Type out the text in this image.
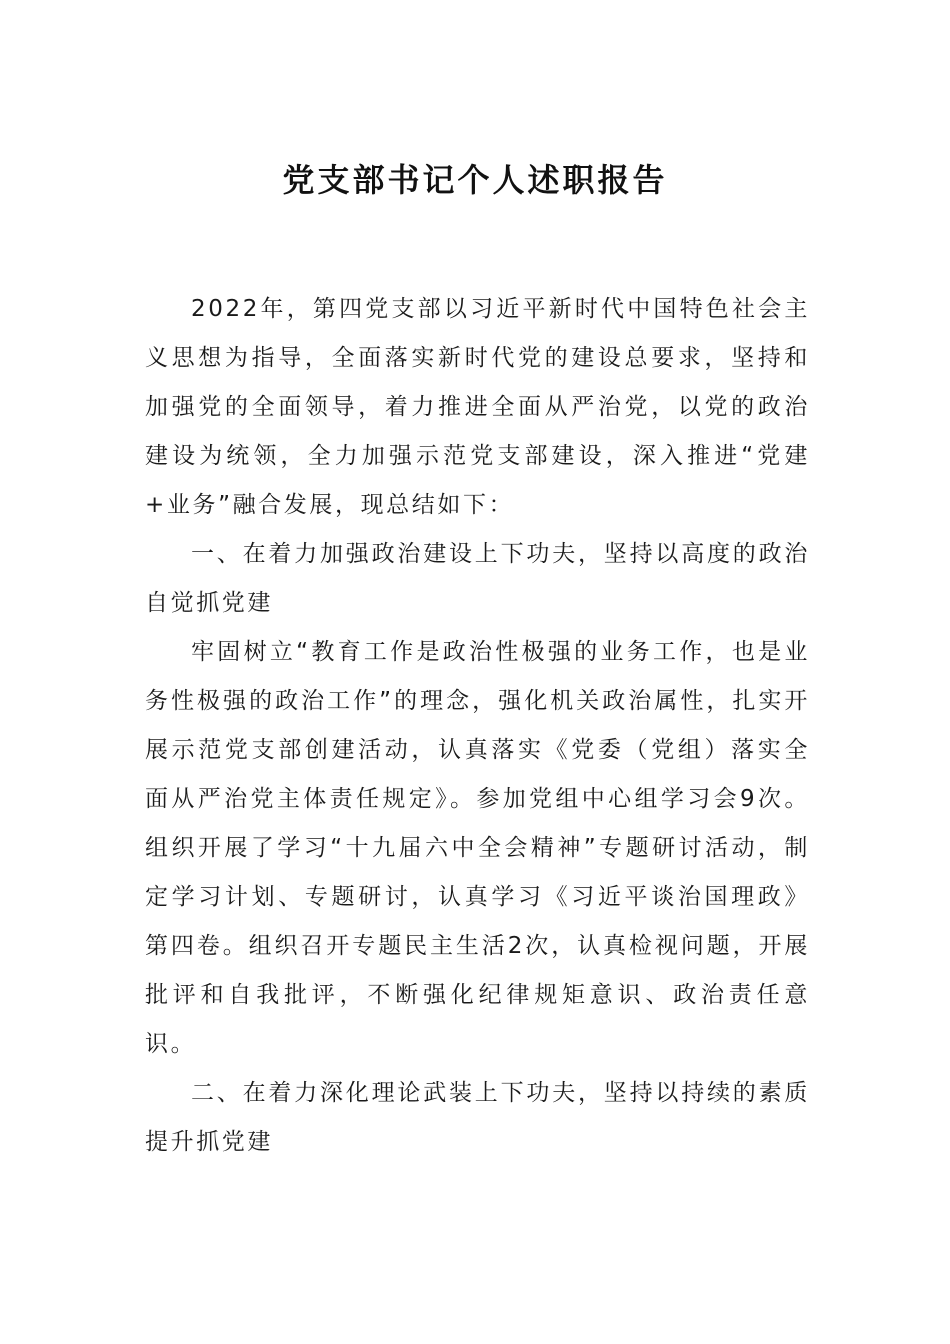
党支部书记个人述职报告

2022年，第四党支部以习近平新时代中国特色社会主义思想为指导，全面落实新时代党的建设总要求，坚持和加强党的全面领导，着力推进全面从严治党，以党的政治建设为统领，全力加强示范党支部建设，深入推进“党建+业务”融合发展，现总结如下：

一、在着力加强政治建设上下功夫，坚持以高度的政治自觉抓党建

牢固树立“教育工作是政治性极强的业务工作，也是业务性极强的政治工作”的理念，强化机关政治属性，扎实开展示范党支部创建活动，认真落实《党委（党组）落实全面从严治党主体责任规定》。参加党组中心组学习会9次。组织开展了学习“十九届六中全会精神”专题研讨活动，制定学习计划、专题研讨，认真学习《习近平谈治国理政》第四卷。组织召开专题民主生活2次，认真检视问题，开展批评和自我批评，不断强化纪律规矩意识、政治责任意识。

二、在着力深化理论武装上下功夫，坚持以持续的素质提升抓党建
